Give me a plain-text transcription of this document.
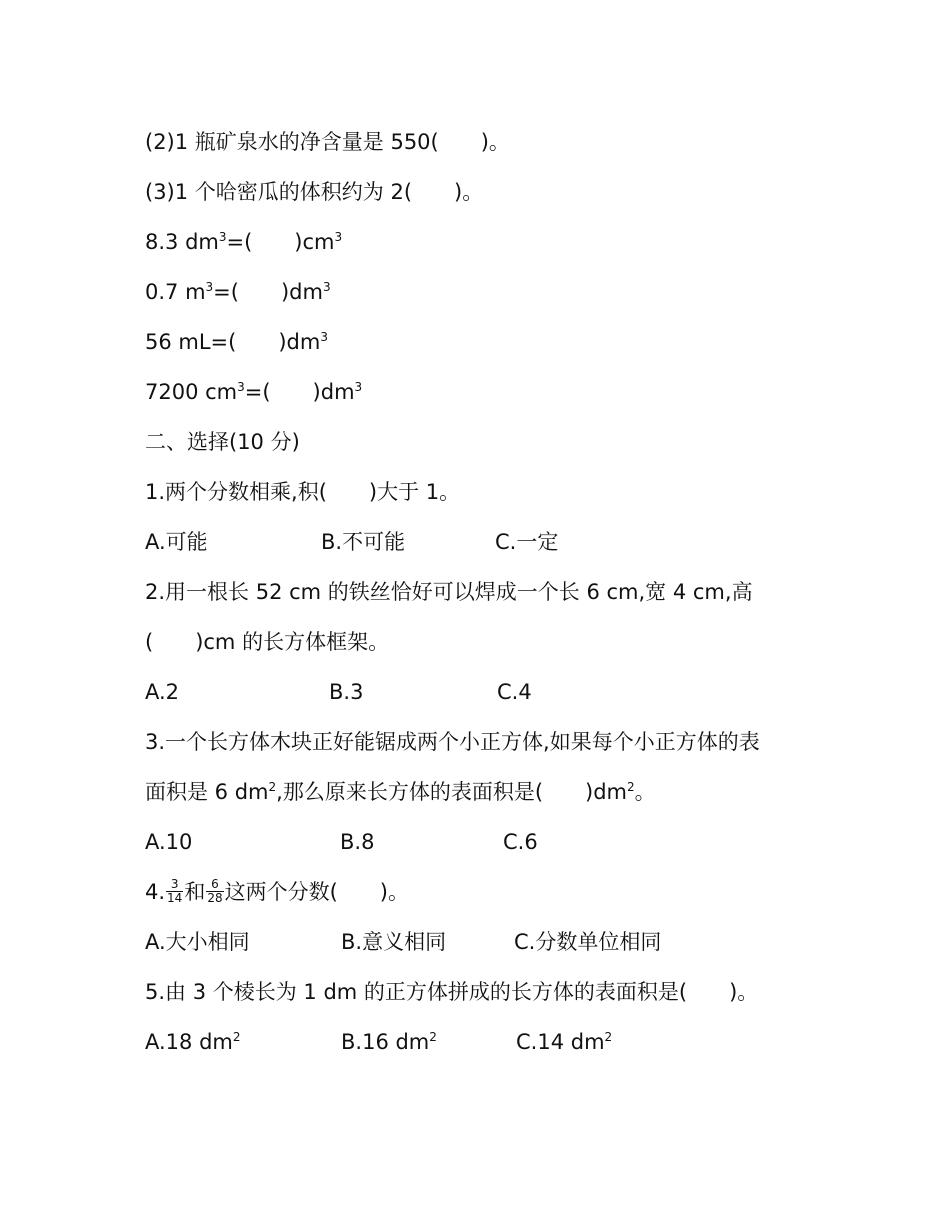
(2)1 瓶矿泉水的净含量是 550(　　)。
(3)1 个哈密瓜的体积约为 2(　　)。
8.3 $dm^3=$(　　)$cm^3$
0.7 $m^3=$(　　)$dm^3$
56 mL=(　　)$dm^3$
7200 $cm^3=$(　　)$dm^3$
二、选择(10 分)
1.两个分数相乘,积(　　)大于 1。
A.可能	B.不可能	C.一定
2.用一根长 52 cm 的铁丝恰好可以焊成一个长 6 cm,宽 4 cm,高
(　　)cm 的长方体框架。
A.2	B.3	C.4
3.一个长方体木块正好能锯成两个小正方体,如果每个小正方体的表
面积是 6 $dm^2$,那么原来长方体的表面积是(　　)$dm^2$。
A.10	B.8	C.6
4. $\frac{3}{14}$ 和 $\frac{6}{28}$ 这两个分数(　　)。
A.大小相同	B.意义相同	C.分数单位相同
5.由 3 个棱长为 1 dm 的正方体拼成的长方体的表面积是(　　)。
A.18 $dm^2$	B.16 $dm^2$	C.14 $dm^2$
